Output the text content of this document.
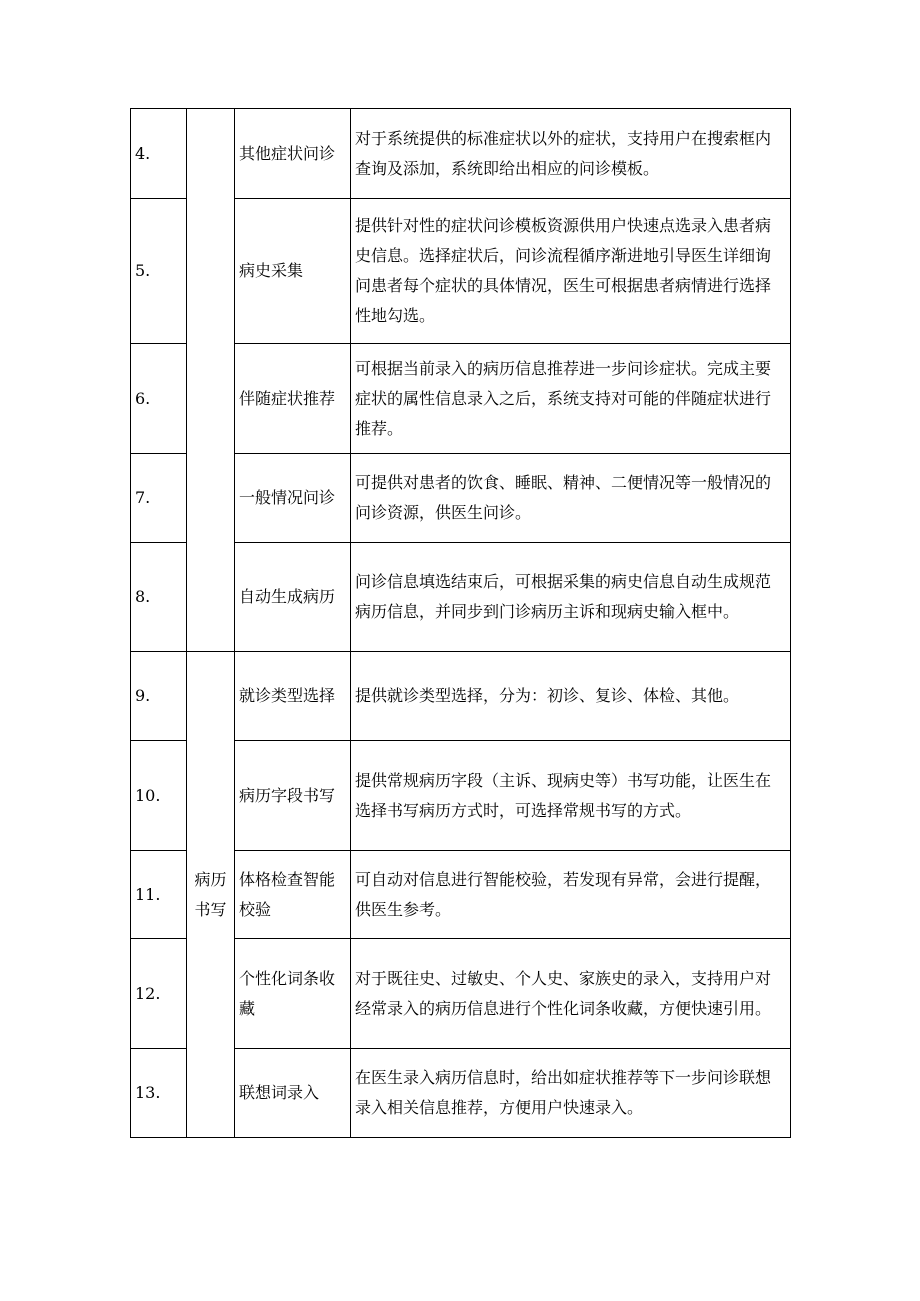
4.		其他症状问诊	对于系统提供的标准症状以外的症状，支持用户在搜索框内查询及添加，系统即给出相应的问诊模板。
5.		病史采集	提供针对性的症状问诊模板资源供用户快速点选录入患者病史信息。选择症状后，问诊流程循序渐进地引导医生详细询问患者每个症状的具体情况，医生可根据患者病情进行选择性地勾选。
6.		伴随症状推荐	可根据当前录入的病历信息推荐进一步问诊症状。完成主要症状的属性信息录入之后，系统支持对可能的伴随症状进行推荐。
7.		一般情况问诊	可提供对患者的饮食、睡眠、精神、二便情况等一般情况的问诊资源，供医生问诊。
8.		自动生成病历	问诊信息填选结束后，可根据采集的病史信息自动生成规范病历信息，并同步到门诊病历主诉和现病史输入框中。
9.	病历书写	就诊类型选择	提供就诊类型选择，分为：初诊、复诊、体检、其他。
10.		病历字段书写	提供常规病历字段（主诉、现病史等）书写功能，让医生在选择书写病历方式时，可选择常规书写的方式。
11.		体格检查智能校验	可自动对信息进行智能校验，若发现有异常，会进行提醒，供医生参考。
12.		个性化词条收藏	对于既往史、过敏史、个人史、家族史的录入，支持用户对经常录入的病历信息进行个性化词条收藏，方便快速引用。
13.		联想词录入	在医生录入病历信息时，给出如症状推荐等下一步问诊联想录入相关信息推荐，方便用户快速录入。
